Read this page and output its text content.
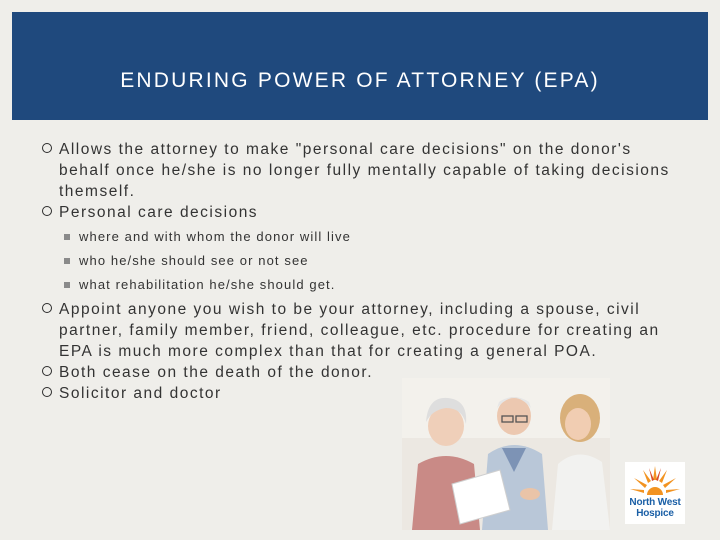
ENDURING POWER OF ATTORNEY (EPA)
Allows the attorney to make "personal care decisions" on the donor's behalf once he/she is no longer fully mentally capable of taking decisions themself.
Personal care decisions
where and with whom the donor will live
who he/she should see or not see
what rehabilitation he/she should get.
Appoint anyone you wish to be your attorney, including a spouse, civil partner, family member, friend, colleague, etc. procedure for creating an EPA is much more complex than that for creating a general POA.
Both cease on the death of the donor.
Solicitor and doctor
North West
Hospice
